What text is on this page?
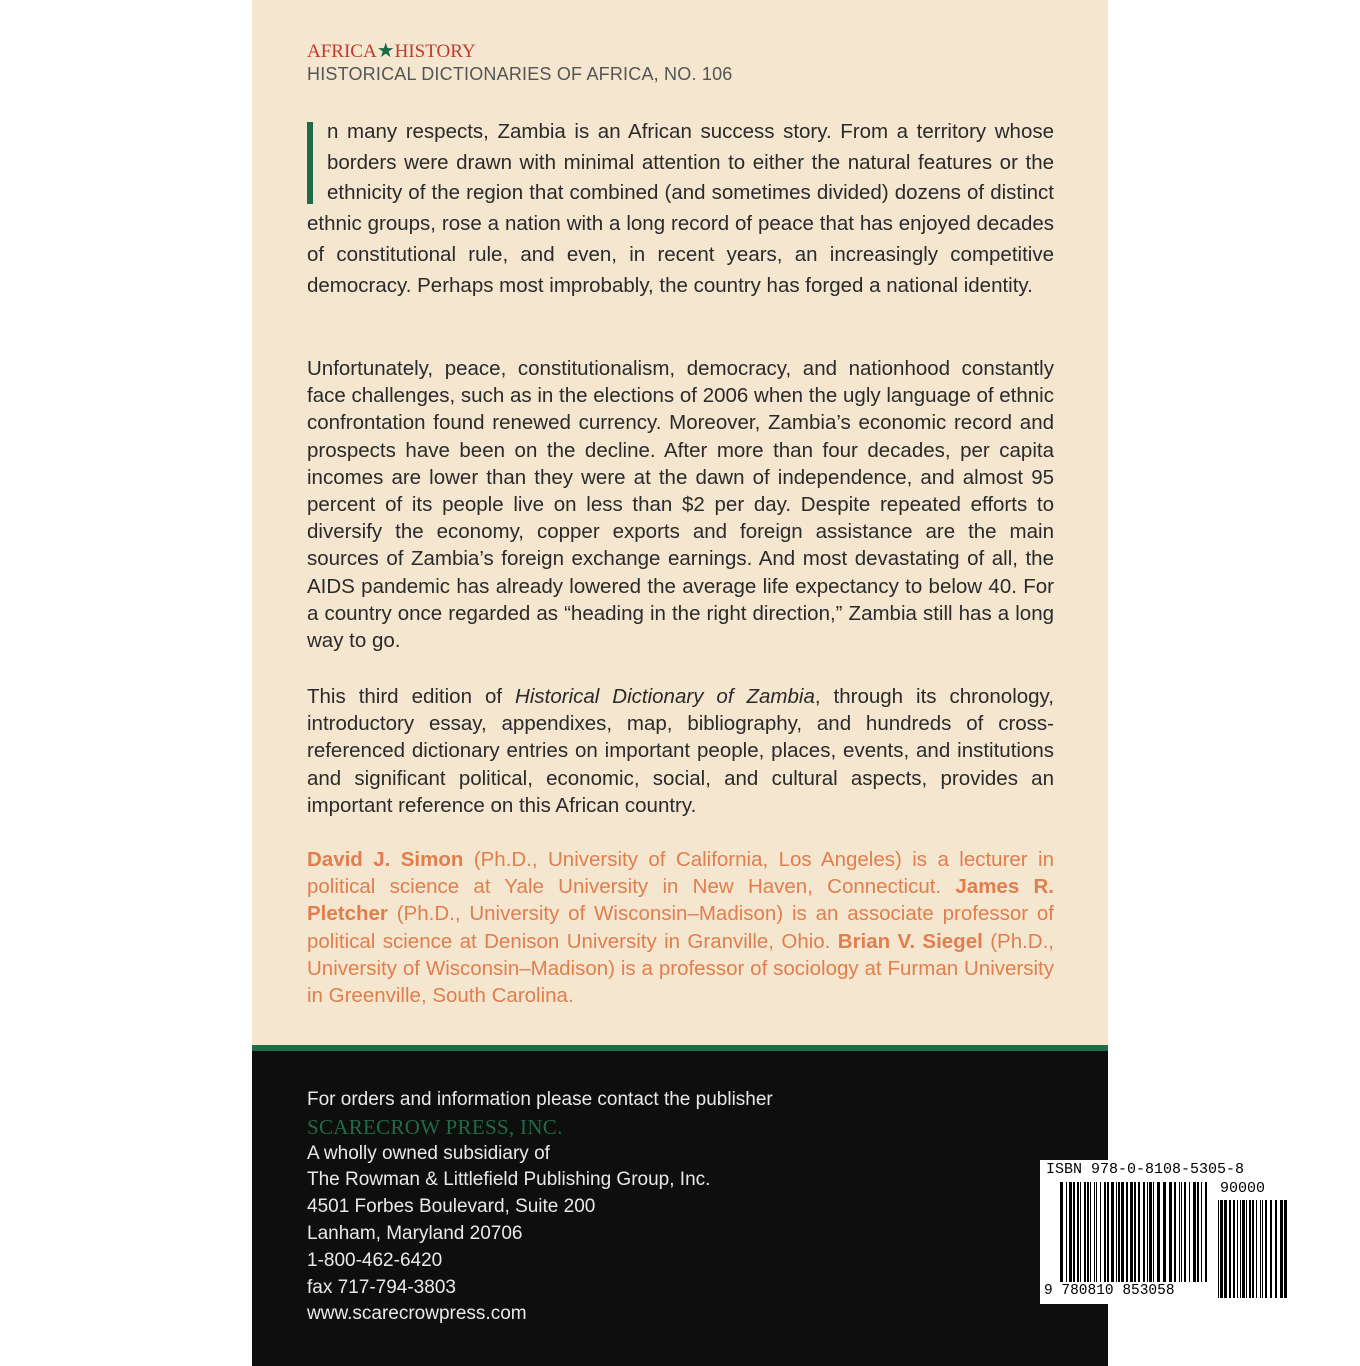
AFRICA★HISTORY
HISTORICAL DICTIONARIES OF AFRICA, NO. 106

n many respects, Zambia is an African success story. From a territory whose borders were drawn with minimal attention to either the natural features or the ethnicity of the region that combined (and sometimes divided) dozens of distinct ethnic groups, rose a nation with a long record of peace that has enjoyed decades of constitutional rule, and even, in recent years, an increasingly competitive democracy. Perhaps most improbably, the country has forged a national identity.

Unfortunately, peace, constitutionalism, democracy, and nationhood constantly face challenges, such as in the elections of 2006 when the ugly language of ethnic confrontation found renewed currency. Moreover, Zambia’s economic record and prospects have been on the decline. After more than four decades, per capita incomes are lower than they were at the dawn of independence, and almost 95 percent of its people live on less than $2 per day. Despite repeated efforts to diversify the economy, copper exports and foreign assistance are the main sources of Zambia’s foreign exchange earnings. And most devastating of all, the AIDS pandemic has already lowered the average life expectancy to below 40. For a country once regarded as “heading in the right direction,” Zambia still has a long way to go.

This third edition of Historical Dictionary of Zambia, through its chronology, introductory essay, appendixes, map, bibliography, and hundreds of cross-referenced dictionary entries on important people, places, events, and institutions and significant political, economic, social, and cultural aspects, provides an important reference on this African country.

David J. Simon (Ph.D., University of California, Los Angeles) is a lecturer in political science at Yale University in New Haven, Connecticut. James R. Pletcher (Ph.D., University of Wisconsin–Madison) is an associate professor of political science at Denison University in Granville, Ohio. Brian V. Siegel (Ph.D., University of Wisconsin–Madison) is a professor of sociology at Furman University in Greenville, South Carolina.

For orders and information please contact the publisher
SCARECROW PRESS, INC.
A wholly owned subsidiary of
The Rowman & Littlefield Publishing Group, Inc.
4501 Forbes Boulevard, Suite 200
Lanham, Maryland 20706
1-800-462-6420
fax 717-794-3803
www.scarecrowpress.com
ISBN 978-0-8108-5305-8
90000
9 780810 853058
